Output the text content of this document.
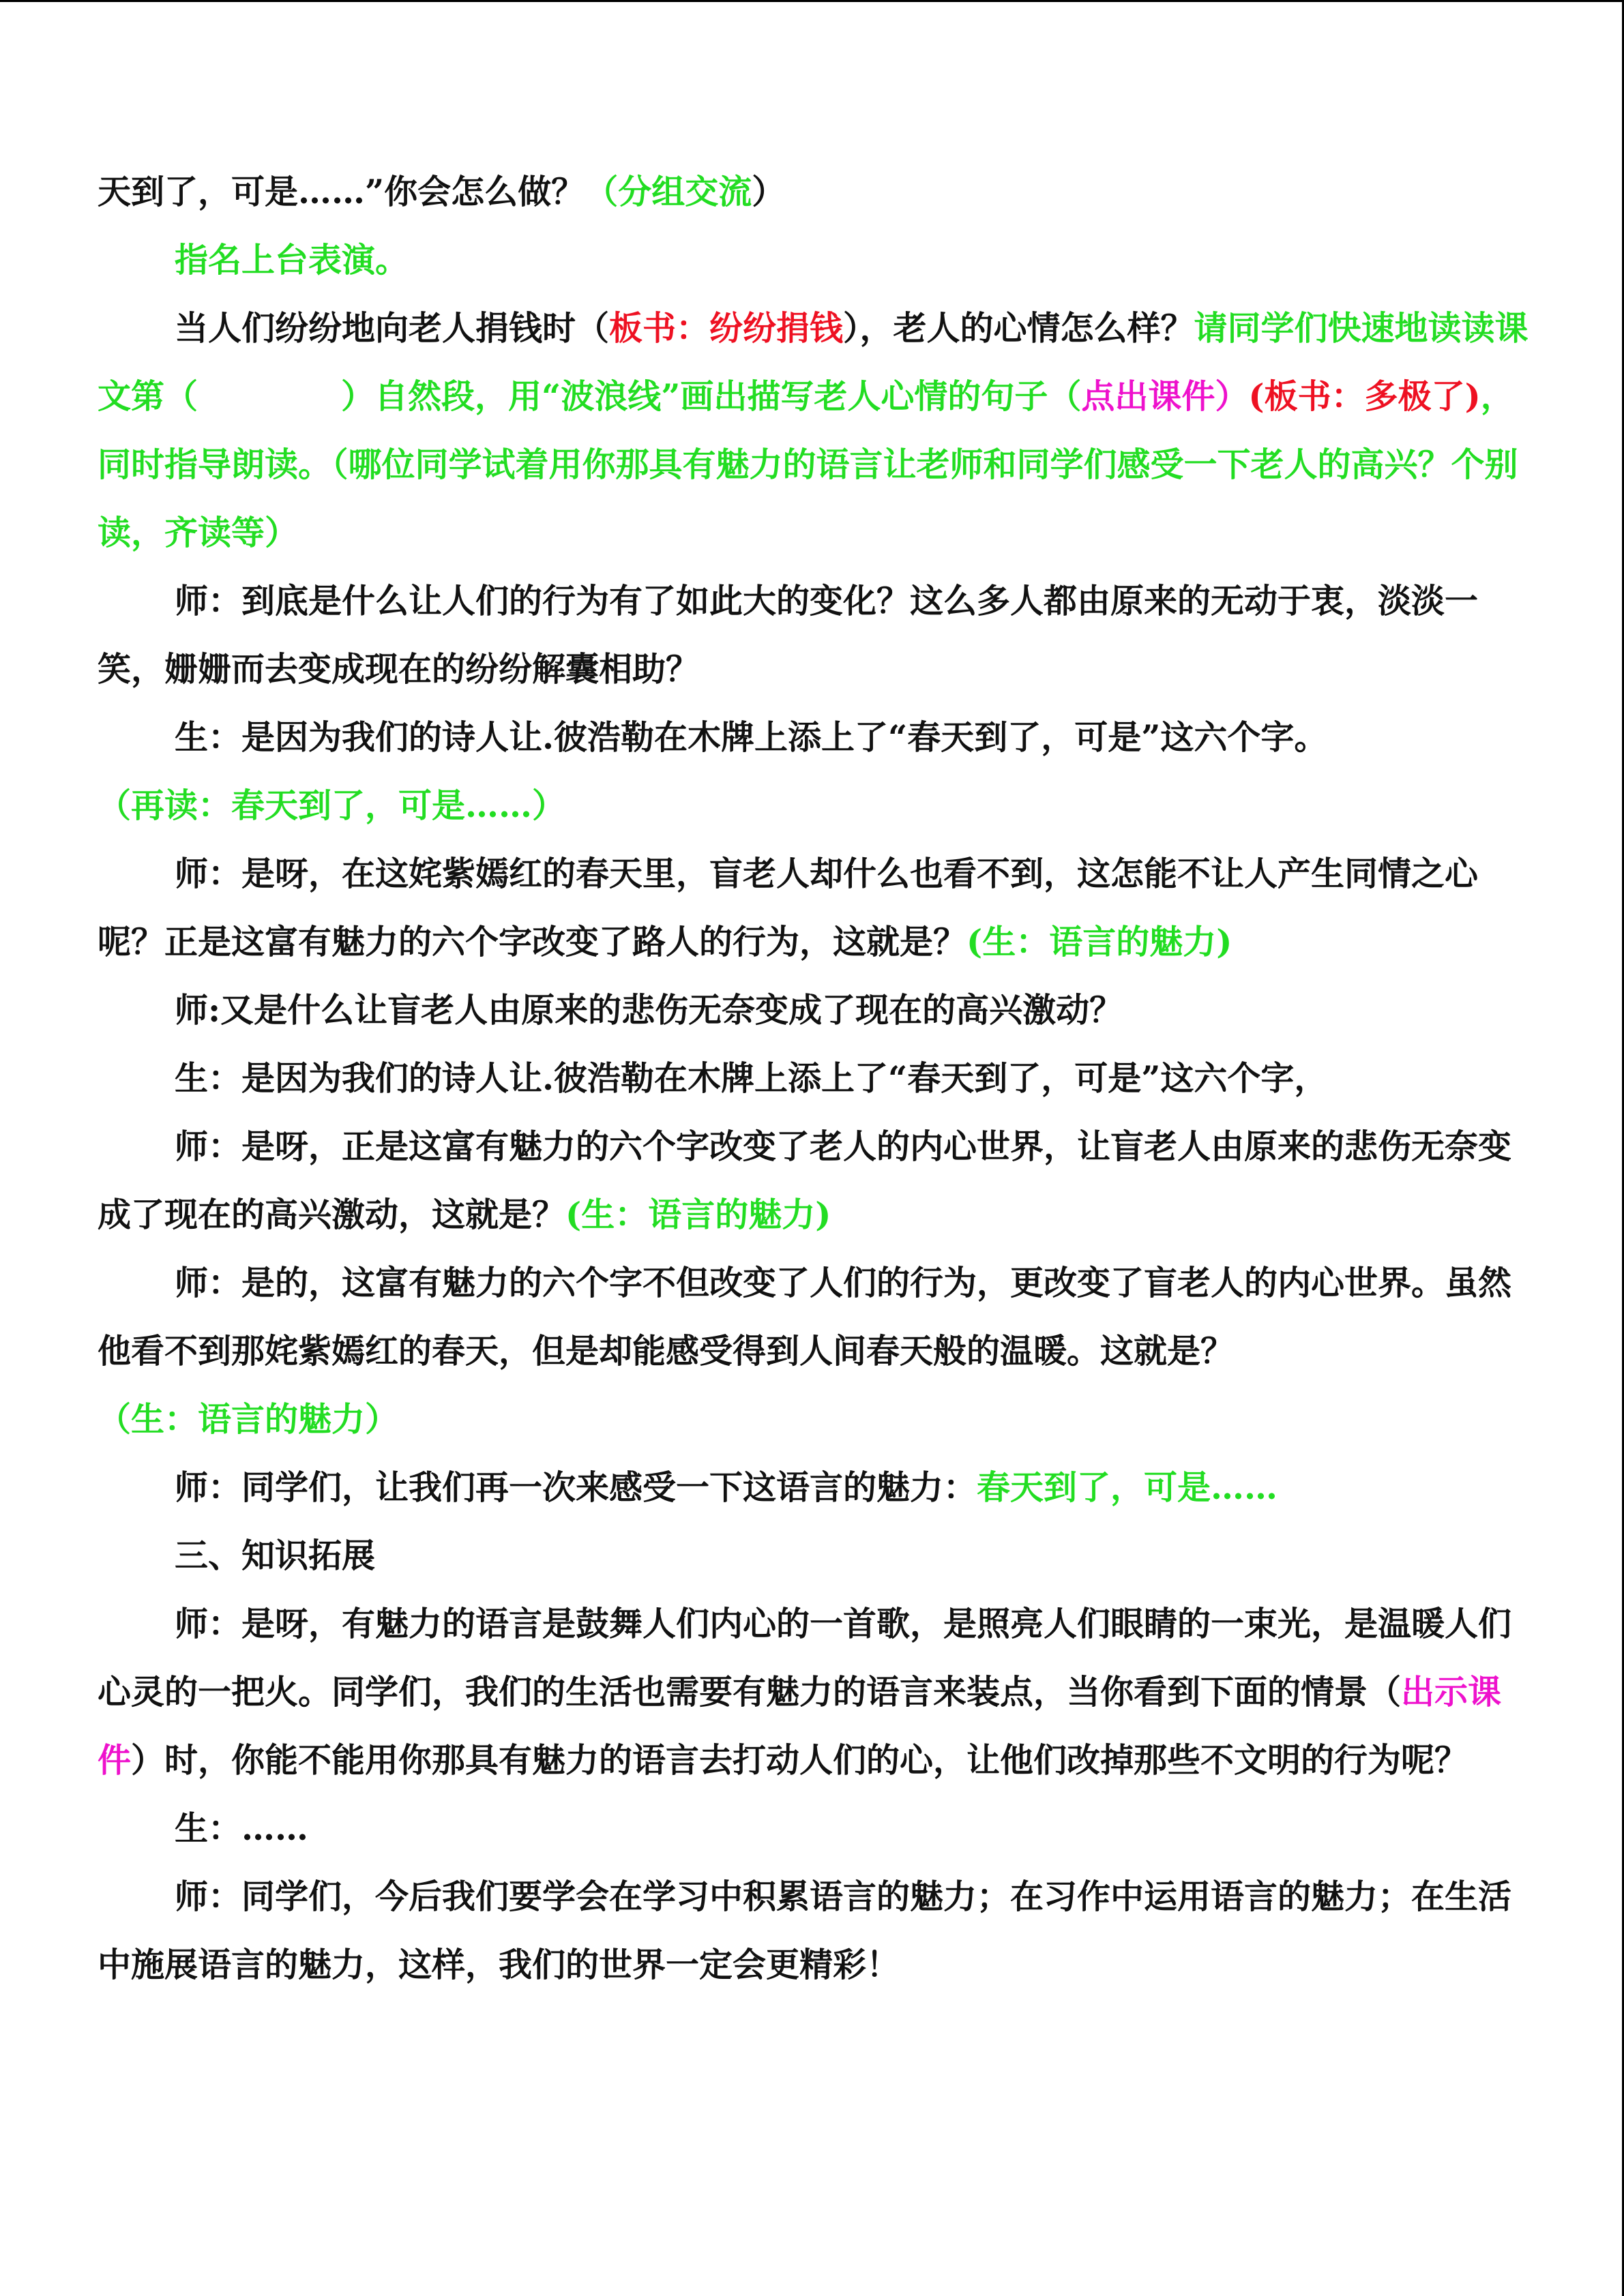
天到了，可是……”你会怎么做？（分组交流）

指名上台表演。

当人们纷纷地向老人捐钱时（板书：纷纷捐钱），老人的心情怎么样？请同学们快速地读读课文第（	）自然段，用“波浪线”画出描写老人心情的句子（点出课件）(板书：多极了)，同时指导朗读。（哪位同学试着用你那具有魅力的语言让老师和同学们感受一下老人的高兴？个别读，齐读等）

师：到底是什么让人们的行为有了如此大的变化？这么多人都由原来的无动于衷，淡淡一笑，姗姗而去变成现在的纷纷解囊相助？

生：是因为我们的诗人让.彼浩勒在木牌上添上了“春天到了，可是”这六个字。

（再读：春天到了，可是……）

师：是呀，在这姹紫嫣红的春天里，盲老人却什么也看不到，这怎能不让人产生同情之心呢？正是这富有魅力的六个字改变了路人的行为，这就是？(生：语言的魅力)

师:又是什么让盲老人由原来的悲伤无奈变成了现在的高兴激动？

生：是因为我们的诗人让.彼浩勒在木牌上添上了“春天到了，可是”这六个字，

师：是呀，正是这富有魅力的六个字改变了老人的内心世界，让盲老人由原来的悲伤无奈变成了现在的高兴激动，这就是？(生：语言的魅力)

师：是的，这富有魅力的六个字不但改变了人们的行为，更改变了盲老人的内心世界。虽然他看不到那姹紫嫣红的春天，但是却能感受得到人间春天般的温暖。这就是？（生：语言的魅力）

师：同学们，让我们再一次来感受一下这语言的魅力：春天到了，可是……

三、知识拓展

师：是呀，有魅力的语言是鼓舞人们内心的一首歌，是照亮人们眼睛的一束光，是温暖人们心灵的一把火。同学们，我们的生活也需要有魅力的语言来装点，当你看到下面的情景（出示课件）时，你能不能用你那具有魅力的语言去打动人们的心，让他们改掉那些不文明的行为呢？

生：……

师：同学们，今后我们要学会在学习中积累语言的魅力；在习作中运用语言的魅力；在生活中施展语言的魅力，这样，我们的世界一定会更精彩！
